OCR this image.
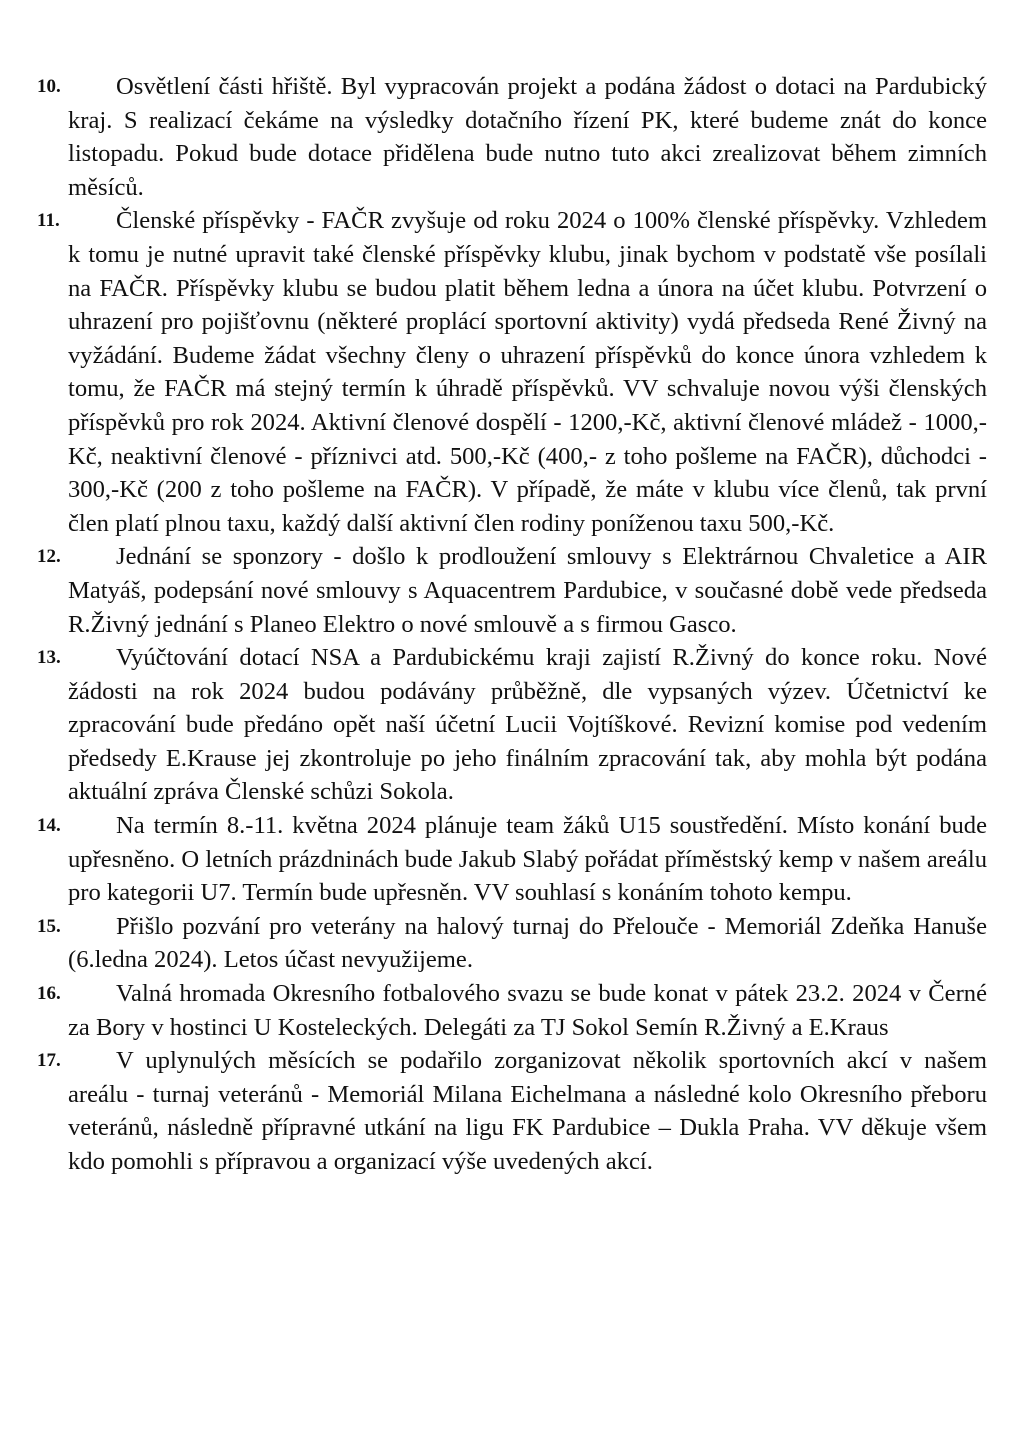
10. Osvětlení části hřiště. Byl vypracován projekt a podána žádost o dotaci na Pardubický kraj. S realizací čekáme na výsledky dotačního řízení PK, které budeme znát do konce listopadu. Pokud bude dotace přidělena bude nutno tuto akci zrealizovat během zimních měsíců.
11. Členské příspěvky - FAČR zvyšuje od roku 2024 o 100% členské příspěvky. Vzhledem k tomu je nutné upravit také členské příspěvky klubu, jinak bychom v podstatě vše posílali na FAČR. Příspěvky klubu se budou platit během ledna a února na účet klubu. Potvrzení o uhrazení pro pojišťovnu (některé proplácí sportovní aktivity) vydá předseda René Živný na vyžádání. Budeme žádat všechny členy o uhrazení příspěvků do konce února vzhledem k tomu, že FAČR má stejný termín k úhradě příspěvků. VV schvaluje novou výši členských příspěvků pro rok 2024. Aktivní členové dospělí - 1200,-Kč, aktivní členové mládež - 1000,-Kč, neaktivní členové - příznivci atd. 500,-Kč (400,- z toho pošleme na FAČR), důchodci - 300,-Kč (200 z toho pošleme na FAČR). V případě, že máte v klubu více členů, tak první člen platí plnou taxu, každý další aktivní člen rodiny poníženou taxu 500,-Kč.
12. Jednání se sponzory - došlo k prodloužení smlouvy s Elektrárnou Chvaletice a AIR Matyáš, podepsání nové smlouvy s Aquacentrem Pardubice, v současné době vede předseda R.Živný jednání s Planeo Elektro o nové smlouvě a s firmou Gasco.
13. Vyúčtování dotací NSA a Pardubickému kraji zajistí R.Živný do konce roku. Nové žádosti na rok 2024 budou podávány průběžně, dle vypsaných výzev. Účetnictví ke zpracování bude předáno opět naší účetní Lucii Vojtíškové. Revizní komise pod vedením předsedy E.Krause jej zkontroluje po jeho finálním zpracování tak, aby mohla být podána aktuální zpráva Členské schůzi Sokola.
14. Na termín 8.-11. května 2024 plánuje team žáků U15 soustředění. Místo konání bude upřesněno. O letních prázdninách bude Jakub Slabý pořádat příměstský kemp v našem areálu pro kategorii U7. Termín bude upřesněn. VV souhlasí s konáním tohoto kempu.
15. Přišlo pozvání pro veterány na halový turnaj do Přelouče - Memoriál Zdeňka Hanuše (6.ledna 2024). Letos účast nevyužijeme.
16. Valná hromada Okresního fotbalového svazu se bude konat v pátek 23.2. 2024 v Černé za Bory v hostinci U Kosteleckých. Delegáti za TJ Sokol Semín R.Živný a E.Kraus
17. V uplynulých měsících se podařilo zorganizovat několik sportovních akcí v našem areálu - turnaj veteránů - Memoriál Milana Eichelmana a následné kolo Okresního přeboru veteránů, následně přípravné utkání na ligu FK Pardubice – Dukla Praha. VV děkuje všem kdo pomohli s přípravou a organizací výše uvedených akcí.
